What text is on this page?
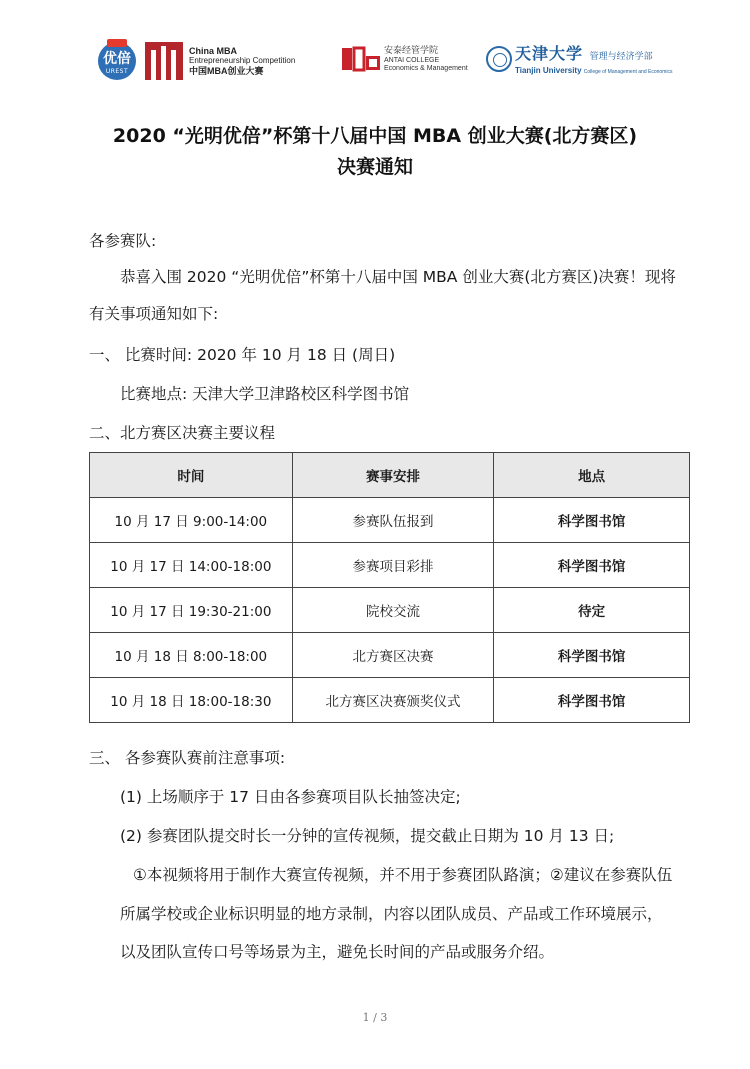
优倍
UREST
China MBA
Entrepreneurship Competition
中国MBA创业大赛
安泰经管学院
ANTAI COLLEGE
Economics & Management
天津大学 管理与经济学部
Tianjin University College of Management and Economics
2020 “光明优倍”杯第十八届中国 MBA 创业大赛(北方赛区)
决赛通知
各参赛队:
恭喜入围 2020 “光明优倍”杯第十八届中国 MBA 创业大赛(北方赛区)决赛！现将
有关事项通知如下:
一、 比赛时间: 2020 年 10 月 18 日 (周日)
比赛地点: 天津大学卫津路校区科学图书馆
二、北方赛区决赛主要议程
时间	赛事安排	地点
10 月 17 日 9:00-14:00	参赛队伍报到	科学图书馆
10 月 17 日 14:00-18:00	参赛项目彩排	科学图书馆
10 月 17 日 19:30-21:00	院校交流	待定
10 月 18 日 8:00-18:00	北方赛区决赛	科学图书馆
10 月 18 日 18:00-18:30	北方赛区决赛颁奖仪式	科学图书馆
三、 各参赛队赛前注意事项:
(1) 上场顺序于 17 日由各参赛项目队长抽签决定;
(2) 参赛团队提交时长一分钟的宣传视频，提交截止日期为 10 月 13 日;
①本视频将用于制作大赛宣传视频，并不用于参赛团队路演；②建议在参赛队伍
所属学校或企业标识明显的地方录制，内容以团队成员、产品或工作环境展示，
以及团队宣传口号等场景为主，避免长时间的产品或服务介绍。
1 / 3
